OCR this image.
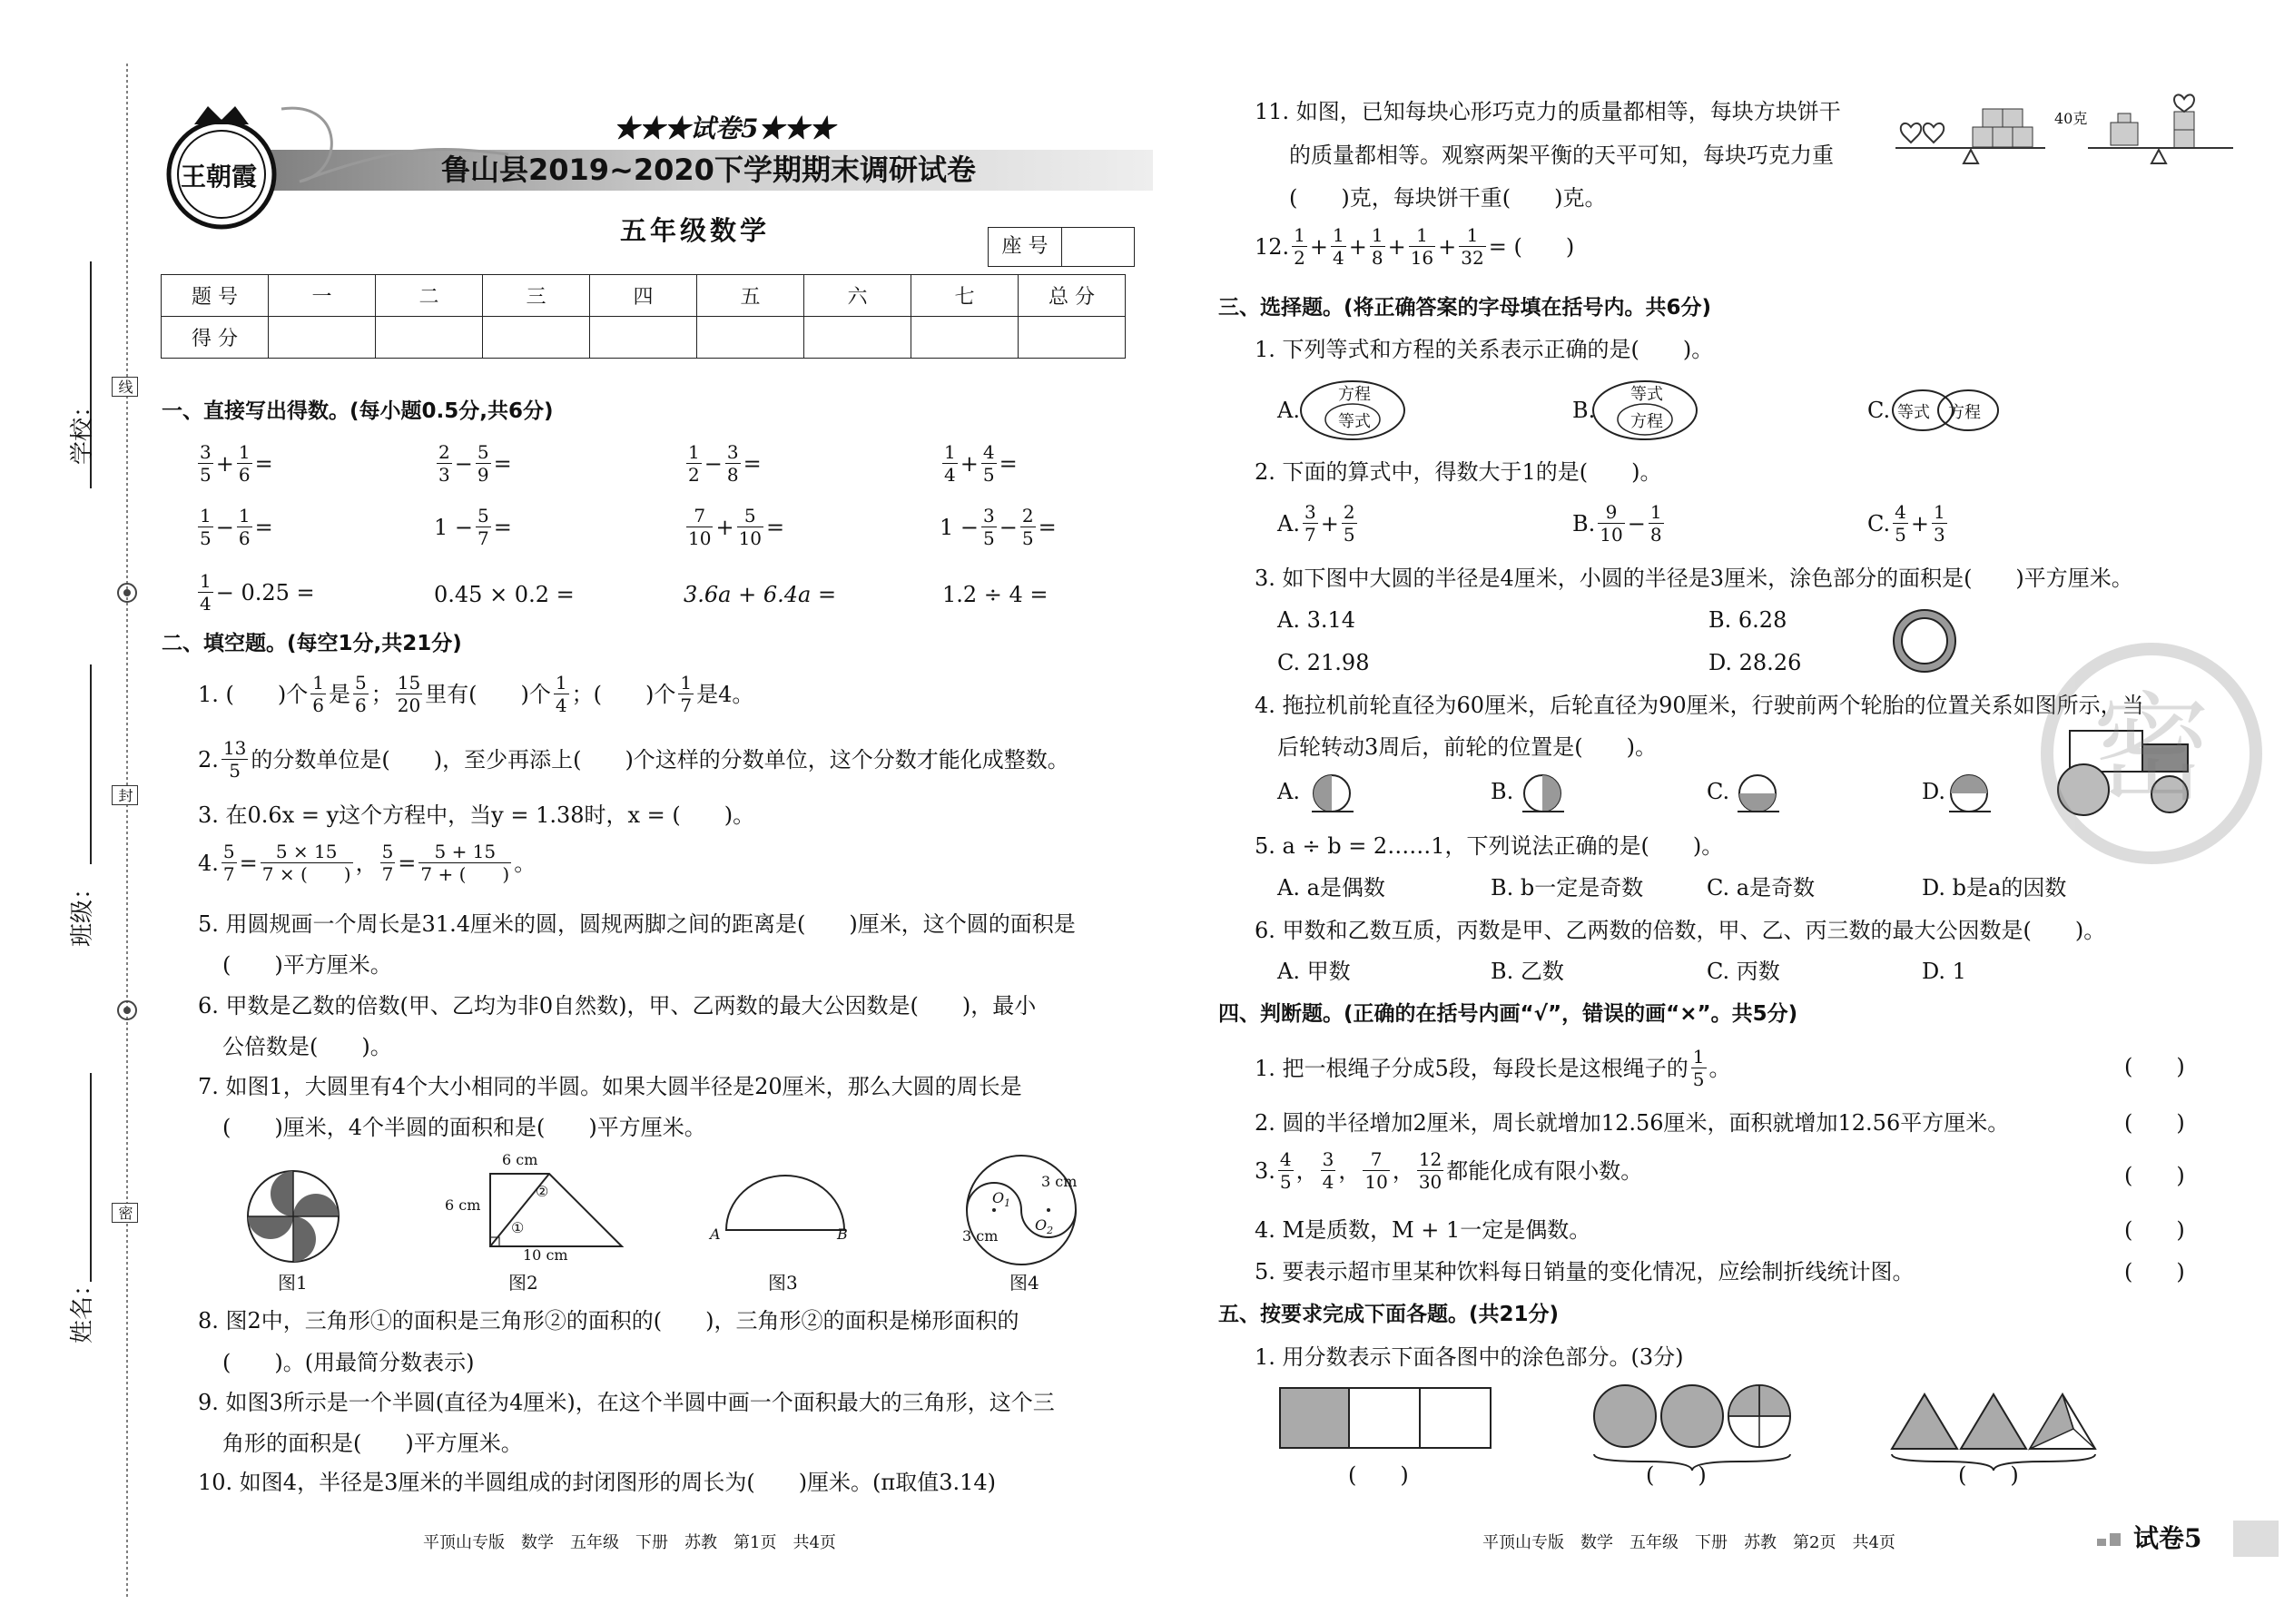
学校：
班级：
姓名：
线
封
密
王朝霞
★★★试卷5★★★
鲁山县2019~2020下学期期末调研试卷
五年级数学
座 号
题 号	一	二	三	四	五	六	七	总 分
得 分								
一、直接写出得数。(每小题0.5分,共6分)
$\frac{3}{5} + \frac{1}{6}$ =	$\frac{2}{3} - \frac{5}{9}$ =	$\frac{1}{2} - \frac{3}{8}$ =	$\frac{1}{4} + \frac{4}{5}$ =
$\frac{1}{5} - \frac{1}{6}$ =	$1 - \frac{5}{7}$ =	$\frac{7}{10} + \frac{5}{10}$ =	$1 - \frac{3}{5} - \frac{2}{5}$ =
$\frac{1}{4} - 0.25$ =	0.45 × 0.2 =	3.6a + 6.4a =	1.2 ÷ 4 =
二、填空题。(每空1分,共21分)
1. (　　)个 $\frac{1}{6}$ 是 $\frac{5}{6}$ ； $\frac{15}{20}$ 里有(　　)个 $\frac{1}{4}$ ；(　　)个 $\frac{1}{7}$ 是4。
2. $\frac{13}{5}$ 的分数单位是(　　)，至少再添上(　　)个这样的分数单位，这个分数才能化成整数。
3. 在0.6x = y这个方程中，当y = 1.38时，x = (　　)。
4. $\frac{5}{7} = \frac{5 \times 15}{7 \times ( )}$ ， $\frac{5}{7} = \frac{5 + 15}{7 + ( )}$ 。
5. 用圆规画一个周长是31.4厘米的圆，圆规两脚之间的距离是(　　)厘米，这个圆的面积是
(　　)平方厘米。
6. 甲数是乙数的倍数(甲、乙均为非0自然数)，甲、乙两数的最大公因数是(　　)，最小
公倍数是(　　)。
7. 如图1，大圆里有4个大小相同的半圆。如果大圆半径是20厘米，那么大圆的周长是
(　　)厘米，4个半圆的面积和是(　　)平方厘米。
6 cm
6 cm
10 cm
①
②
A	B
3 cm
3 cm
$O_1$
$O_2$
图1	图2	图3	图4
8. 图2中，三角形①的面积是三角形②的面积的(　　)，三角形②的面积是梯形面积的
(　　)。(用最简分数表示)
9. 如图3所示是一个半圆(直径为4厘米)，在这个半圆中画一个面积最大的三角形，这个三
角形的面积是(　　)平方厘米。
10. 如图4，半径是3厘米的半圆组成的封闭图形的周长为(　　)厘米。(π取值3.14)
平顶山专版　数学　五年级　下册　苏教　第1页　共4页
11. 如图，已知每块心形巧克力的质量都相等，每块方块饼干
的质量都相等。观察两架平衡的天平可知，每块巧克力重
(　　)克，每块饼干重(　　)克。
40克
12. $\frac{1}{2} + \frac{1}{4} + \frac{1}{8} + \frac{1}{16} + \frac{1}{32}$ = (　　)
三、选择题。(将正确答案的字母填在括号内。共6分)
1. 下列等式和方程的关系表示正确的是(　　)。
A.	B.	C.
方程
等式
等式
方程	等式 方程
2. 下面的算式中，得数大于1的是(　　)。
A. $\frac{3}{7} + \frac{2}{5}$	B. $\frac{9}{10} - \frac{1}{8}$	C. $\frac{4}{5} + \frac{1}{3}$
3. 如下图中大圆的半径是4厘米，小圆的半径是3厘米，涂色部分的面积是(　　)平方厘米。
A. 3.14	B. 6.28
C. 21.98	D. 28.26
4. 拖拉机前轮直径为60厘米，后轮直径为90厘米，行驶前两个轮胎的位置关系如图所示，当
后轮转动3周后，前轮的位置是(　　)。
A.	B.	C.	D.
5. a ÷ b = 2……1，下列说法正确的是(　　)。
A. a是偶数	B. b一定是奇数	C. a是奇数	D. b是a的因数
6. 甲数和乙数互质，丙数是甲、乙两数的倍数，甲、乙、丙三数的最大公因数是(　　)。
A. 甲数	B. 乙数	C. 丙数	D. 1
四、判断题。(正确的在括号内画“√”，错误的画“×”。共5分)
1. 把一根绳子分成5段，每段长是这根绳子的 $\frac{1}{5}$ 。	(　　)
2. 圆的半径增加2厘米，周长就增加12.56厘米，面积就增加12.56平方厘米。	(　　)
3. $\frac{4}{5}$ ， $\frac{3}{4}$ ， $\frac{7}{10}$ ， $\frac{12}{30}$ 都能化成有限小数。	(　　)
4. M是质数，M + 1一定是偶数。	(　　)
5. 要表示超市里某种饮料每日销量的变化情况，应绘制折线统计图。	(　　)
五、按要求完成下面各题。(共21分)
1. 用分数表示下面各图中的涂色部分。(3分)
(　　)	(　　)	(　　)
密
平顶山专版　数学　五年级　下册　苏教　第2页　共4页	试卷5
